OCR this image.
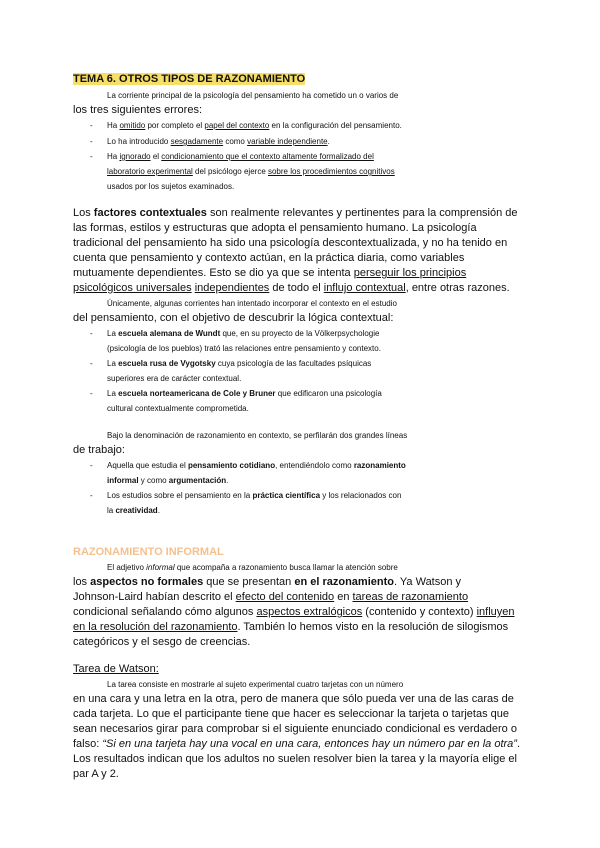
TEMA 6. OTROS TIPOS DE RAZONAMIENTO
La corriente principal de la psicología del pensamiento ha cometido un o varios de
los tres siguientes errores:
-	Ha omitido por completo el papel del contexto en la configuración del pensamiento.
-	Lo ha introducido sesgadamente como variable independiente.
-	Ha ignorado el condicionamiento que el contexto altamente formalizado del
laboratorio experimental del psicólogo ejerce sobre los procedimientos cognitivos
usados por los sujetos examinados.
Los factores contextuales son realmente relevantes y pertinentes para la comprensión de
las formas, estilos y estructuras que adopta el pensamiento humano. La psicología
tradicional del pensamiento ha sido una psicología descontextualizada, y no ha tenido en
cuenta que pensamiento y contexto actúan, en la práctica diaria, como variables
mutuamente dependientes. Esto se dio ya que se intenta perseguir los principios
psicológicos universales independientes de todo el influjo contextual, entre otras razones.
Únicamente, algunas corrientes han intentado incorporar el contexto en el estudio
del pensamiento, con el objetivo de descubrir la lógica contextual:
-	La escuela alemana de Wundt que, en su proyecto de la Völkerpsychologie
(psicología de los pueblos) trató las relaciones entre pensamiento y contexto.
-	La escuela rusa de Vygotsky cuya psicología de las facultades psíquicas
superiores era de carácter contextual.
-	La escuela norteamericana de Cole y Bruner que edificaron una psicología
cultural contextualmente comprometida.
Bajo la denominación de razonamiento en contexto, se perfilarán dos grandes líneas
de trabajo:
-	Aquella que estudia el pensamiento cotidiano, entendiéndolo como razonamiento
informal y como argumentación.
-	Los estudios sobre el pensamiento en la práctica científica y los relacionados con
la creatividad.
RAZONAMIENTO INFORMAL
El adjetivo informal que acompaña a razonamiento busca llamar la atención sobre
los aspectos no formales que se presentan en el razonamiento. Ya Watson y
Johnson-Laird habían descrito el efecto del contenido en tareas de razonamiento
condicional señalando cómo algunos aspectos extralógicos (contenido y contexto) influyen
en la resolución del razonamiento. También lo hemos visto en la resolución de silogismos
categóricos y el sesgo de creencias.
Tarea de Watson:
La tarea consiste en mostrarle al sujeto experimental cuatro tarjetas con un número
en una cara y una letra en la otra, pero de manera que sólo pueda ver una de las caras de
cada tarjeta. Lo que el participante tiene que hacer es seleccionar la tarjeta o tarjetas que
sean necesarios girar para comprobar si el siguiente enunciado condicional es verdadero o
falso: “Si en una tarjeta hay una vocal en una cara, entonces hay un número par en la otra”.
Los resultados indican que los adultos no suelen resolver bien la tarea y la mayoría elige el
par A y 2.
